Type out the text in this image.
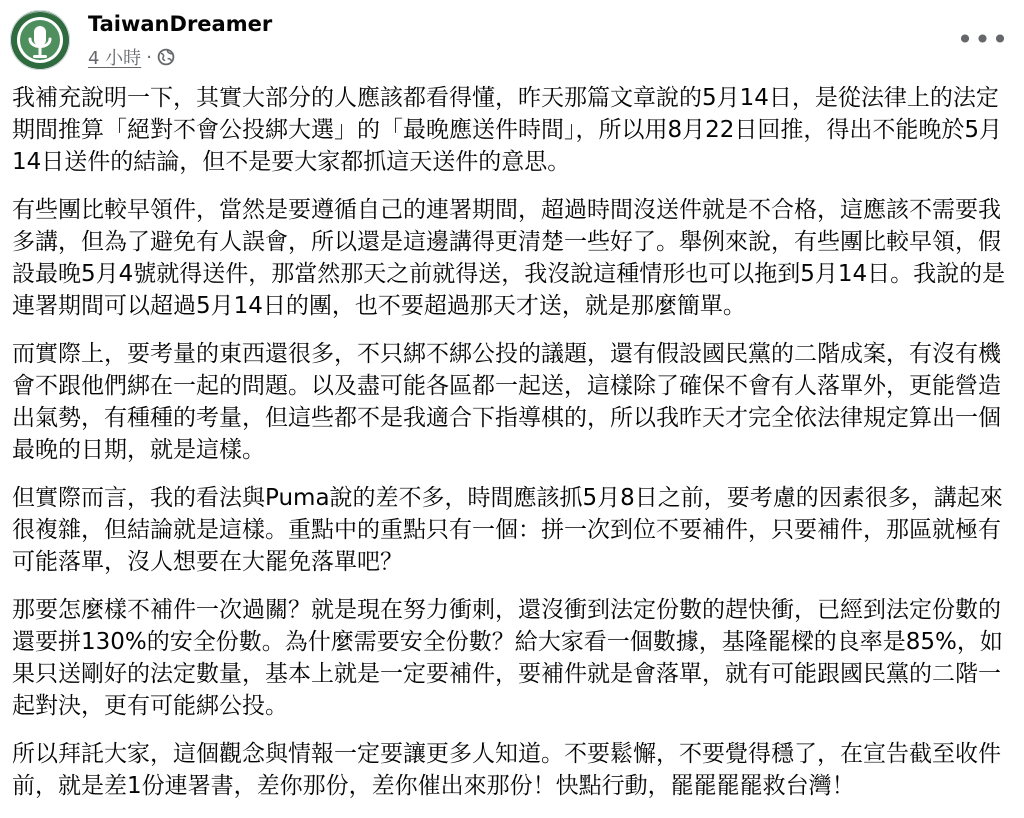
TaiwanDreamer
4 小時 ·
•••

我補充說明一下，其實大部分的人應該都看得懂，昨天那篇文章說的5月14日，是從法律上的法定期間推算「絕對不會公投綁大選」的「最晚應送件時間」，所以用8月22日回推，得出不能晚於5月14日送件的結論，但不是要大家都抓這天送件的意思。

有些團比較早領件，當然是要遵循自己的連署期間，超過時間沒送件就是不合格，這應該不需要我多講，但為了避免有人誤會，所以還是這邊講得更清楚一些好了。舉例來說，有些團比較早領，假設最晚5月4號就得送件，那當然那天之前就得送，我沒說這種情形也可以拖到5月14日。我說的是連署期間可以超過5月14日的團，也不要超過那天才送，就是那麼簡單。

而實際上，要考量的東西還很多，不只綁不綁公投的議題，還有假設國民黨的二階成案，有沒有機會不跟他們綁在一起的問題。以及盡可能各區都一起送，這樣除了確保不會有人落單外，更能營造出氣勢，有種種的考量，但這些都不是我適合下指導棋的，所以我昨天才完全依法律規定算出一個最晚的日期，就是這樣。

但實際而言，我的看法與Puma說的差不多，時間應該抓5月8日之前，要考慮的因素很多，講起來很複雜，但結論就是這樣。重點中的重點只有一個：拼一次到位不要補件，只要補件，那區就極有可能落單，沒人想要在大罷免落單吧？

那要怎麼樣不補件一次過關？就是現在努力衝刺，還沒衝到法定份數的趕快衝，已經到法定份數的還要拼130%的安全份數。為什麼需要安全份數？給大家看一個數據，基隆罷樑的良率是85%，如果只送剛好的法定數量，基本上就是一定要補件，要補件就是會落單，就有可能跟國民黨的二階一起對決，更有可能綁公投。

所以拜託大家，這個觀念與情報一定要讓更多人知道。不要鬆懈，不要覺得穩了，在宣告截至收件前，就是差1份連署書，差你那份，差你催出來那份！快點行動，罷罷罷罷救台灣！
